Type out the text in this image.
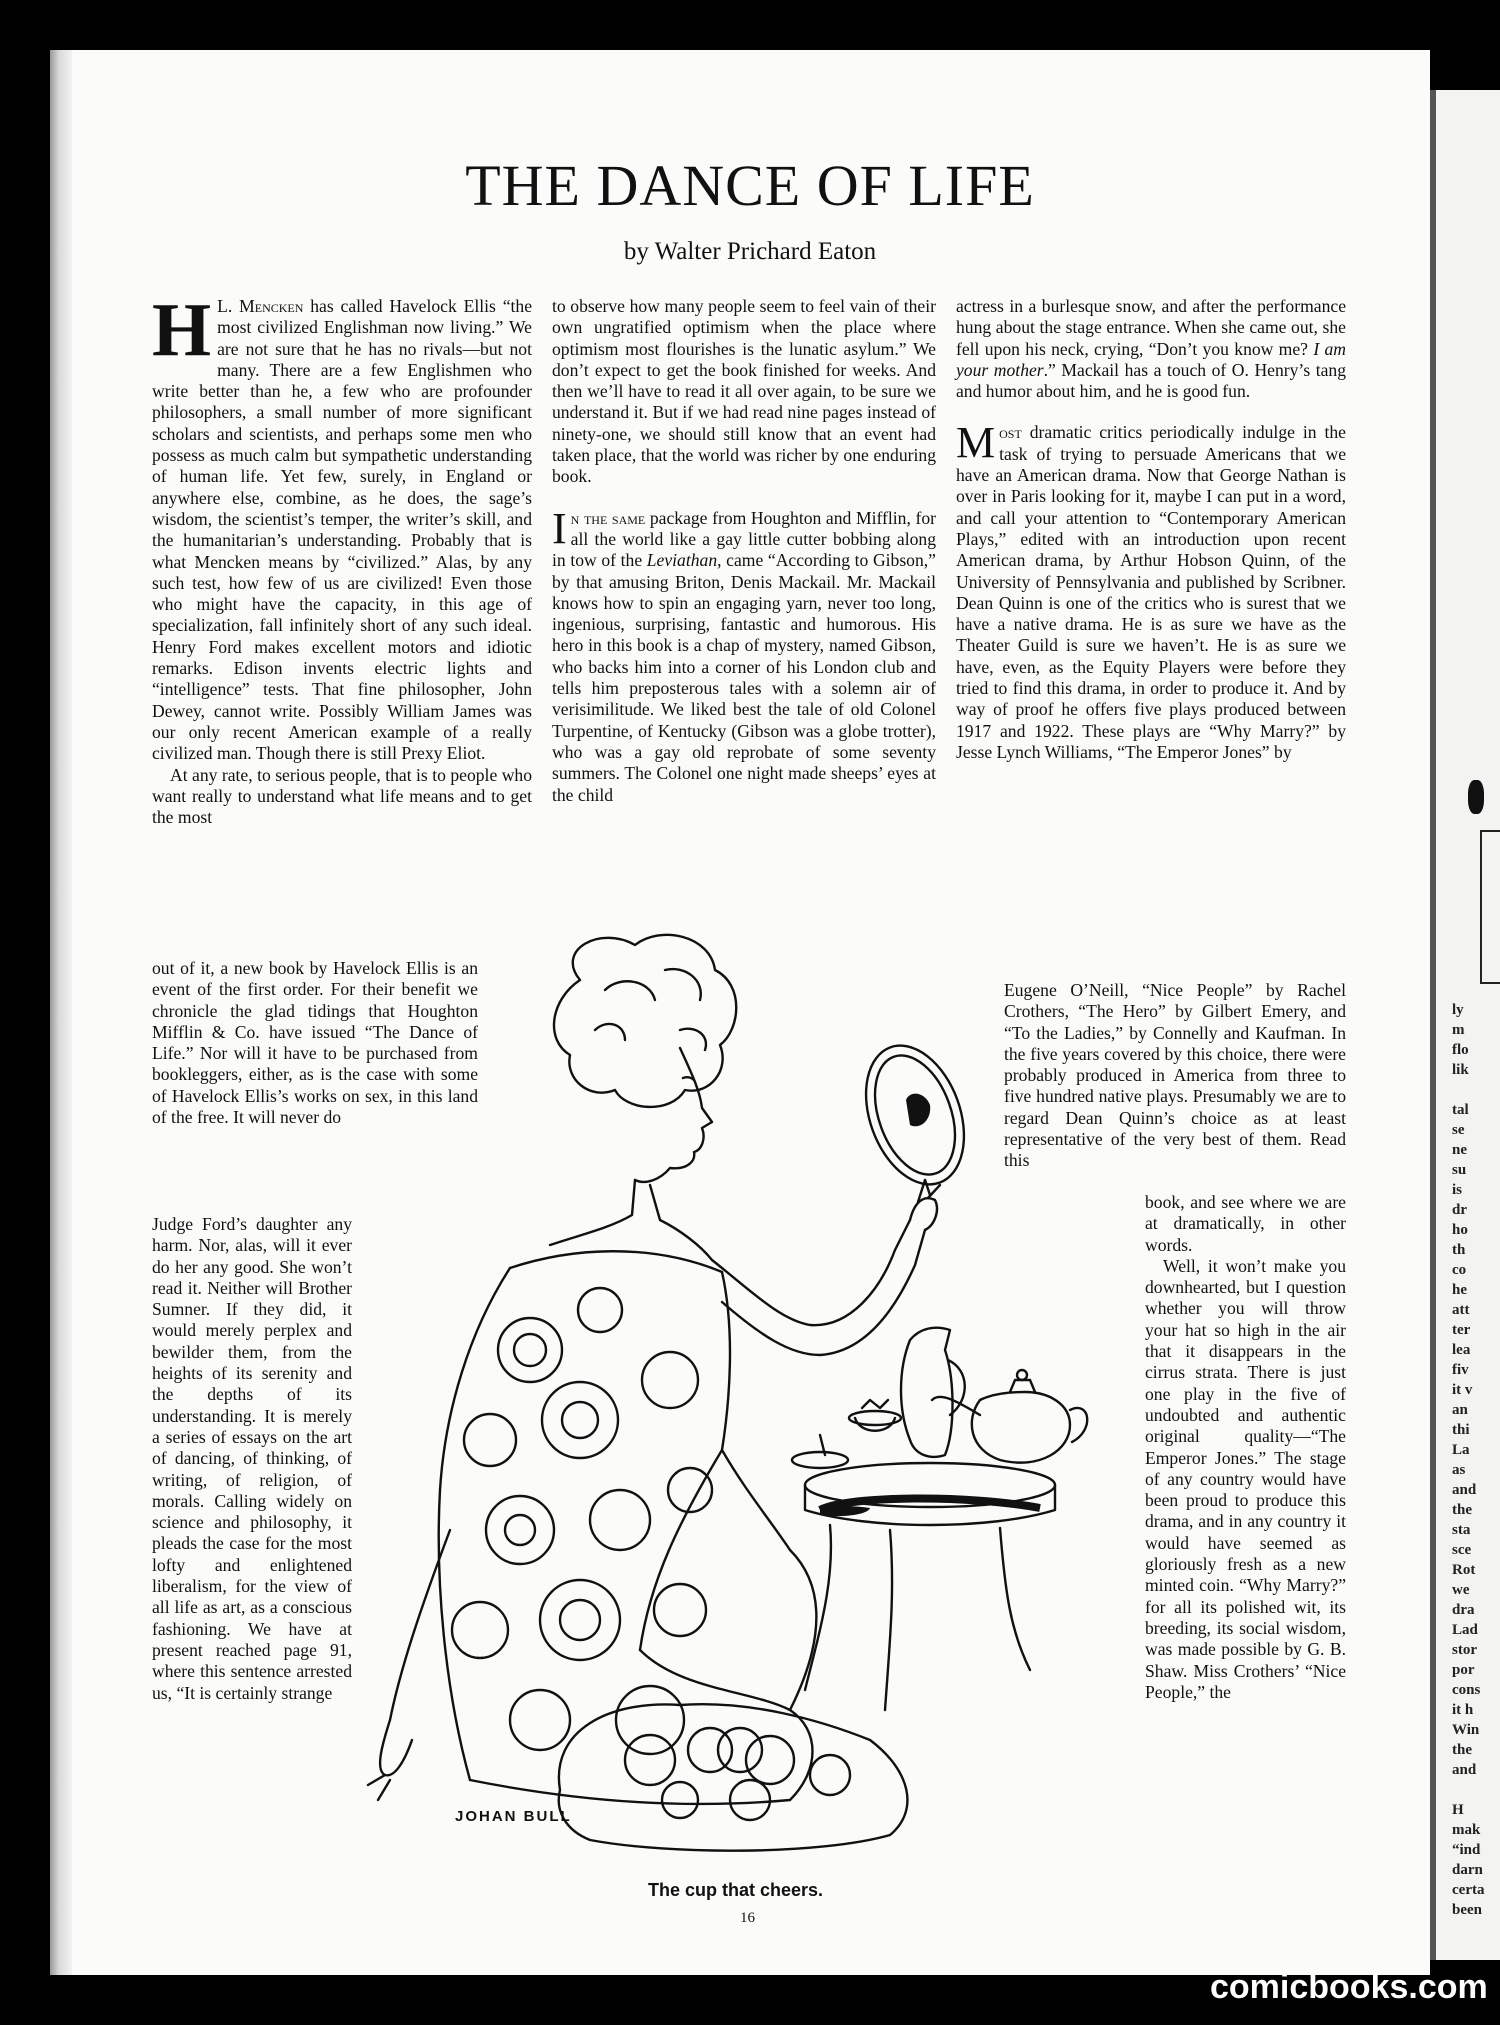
ly
m
flo
lik

tal
se
ne
su
is
dr
ho
th
co
he
att
ter
lea
fiv
it v
an
thi
La
as
and
the
sta
sce
Rot
we
dra
Lad
stor
por
cons
it h
Win
the
and

H
mak
“ind
darn
certa
been
THE DANCE OF LIFE
by Walter Prichard Eaton

H L. Mencken has called Havelock Ellis “the most civilized Englishman now living.” We are not sure that he has no rivals—but not many. There are a few Englishmen who write better than he, a few who are profounder philosophers, a small number of more significant scholars and scientists, and perhaps some men who possess as much calm but sympathetic understanding of human life. Yet few, surely, in England or anywhere else, combine, as he does, the sage’s wisdom, the scientist’s temper, the writer’s skill, and the humanitarian’s understanding. Probably that is what Mencken means by “civilized.” Alas, by any such test, how few of us are civilized! Even those who might have the capacity, in this age of specialization, fall infinitely short of any such ideal. Henry Ford makes excellent motors and idiotic remarks. Edison invents electric lights and “intelligence” tests. That fine philosopher, John Dewey, cannot write. Possibly William James was our only recent American example of a really civilized man. Though there is still Prexy Eliot.

At any rate, to serious people, that is to people who want really to understand what life means and to get the most

out of it, a new book by Havelock Ellis is an event of the first order. For their benefit we chronicle the glad tidings that Houghton Mifflin & Co. have issued “The Dance of Life.” Nor will it have to be purchased from bookleggers, either, as is the case with some of Havelock Ellis’s works on sex, in this land of the free. It will never do

Judge Ford’s daughter any harm. Nor, alas, will it ever do her any good. She won’t read it. Neither will Brother Sumner. If they did, it would merely perplex and bewilder them, from the heights of its serenity and the depths of its understanding. It is merely a series of essays on the art of dancing, of thinking, of writing, of religion, of morals. Calling widely on science and philosophy, it pleads the case for the most lofty and enlightened liberalism, for the view of all life as art, as a conscious fashioning. We have at present reached page 91, where this sentence arrested us, “It is certainly strange

to observe how many people seem to feel vain of their own ungratified optimism when the place where optimism most flourishes is the lunatic asylum.” We don’t expect to get the book finished for weeks. And then we’ll have to read it all over again, to be sure we understand it. But if we had read nine pages instead of ninety-one, we should still know that an event had taken place, that the world was richer by one enduring book.

In the same package from Houghton and Mifflin, for all the world like a gay little cutter bobbing along in tow of the Leviathan, came “According to Gibson,” by that amusing Briton, Denis Mackail. Mr. Mackail knows how to spin an engaging yarn, never too long, ingenious, surprising, fantastic and humorous. His hero in this book is a chap of mystery, named Gibson, who backs him into a corner of his London club and tells him preposterous tales with a solemn air of verisimilitude. We liked best the tale of old Colonel Turpentine, of Kentucky (Gibson was a globe trotter), who was a gay old reprobate of some seventy summers. The Colonel one night made sheeps’ eyes at the child

actress in a burlesque snow, and after the performance hung about the stage entrance. When she came out, she fell upon his neck, crying, “Don’t you know me? I am your mother.” Mackail has a touch of O. Henry’s tang and humor about him, and he is good fun.

Most dramatic critics periodically indulge in the task of trying to persuade Americans that we have an American drama. Now that George Nathan is over in Paris looking for it, maybe I can put in a word, and call your attention to “Contemporary American Plays,” edited with an introduction upon recent American drama, by Arthur Hobson Quinn, of the University of Pennsylvania and published by Scribner. Dean Quinn is one of the critics who is surest that we have a native drama. He is as sure we have as the Theater Guild is sure we haven’t. He is as sure we have, even, as the Equity Players were before they tried to find this drama, in order to produce it. And by way of proof he offers five plays produced between 1917 and 1922. These plays are “Why Marry?” by Jesse Lynch Williams, “The Emperor Jones” by

Eugene O’Neill, “Nice People” by Rachel Crothers, “The Hero” by Gilbert Emery, and “To the Ladies,” by Connelly and Kaufman. In the five years covered by this choice, there were probably produced in America from three to five hundred native plays. Presumably we are to regard Dean Quinn’s choice as at least representative of the very best of them. Read this

book, and see where we are at dramatically, in other words.

Well, it won’t make you downhearted, but I question whether you will throw your hat so high in the air that it disappears in the cirrus strata. There is just one play in the five of undoubted and authentic original quality—“The Emperor Jones.” The stage of any country would have been proud to produce this drama, and in any country it would have seemed as gloriously fresh as a new minted coin. “Why Marry?” for all its polished wit, its breeding, its social wisdom, was made possible by G. B. Shaw. Miss Crothers’ “Nice People,” the

JOHAN BULL
The cup that cheers.
16
comicbooks.com
